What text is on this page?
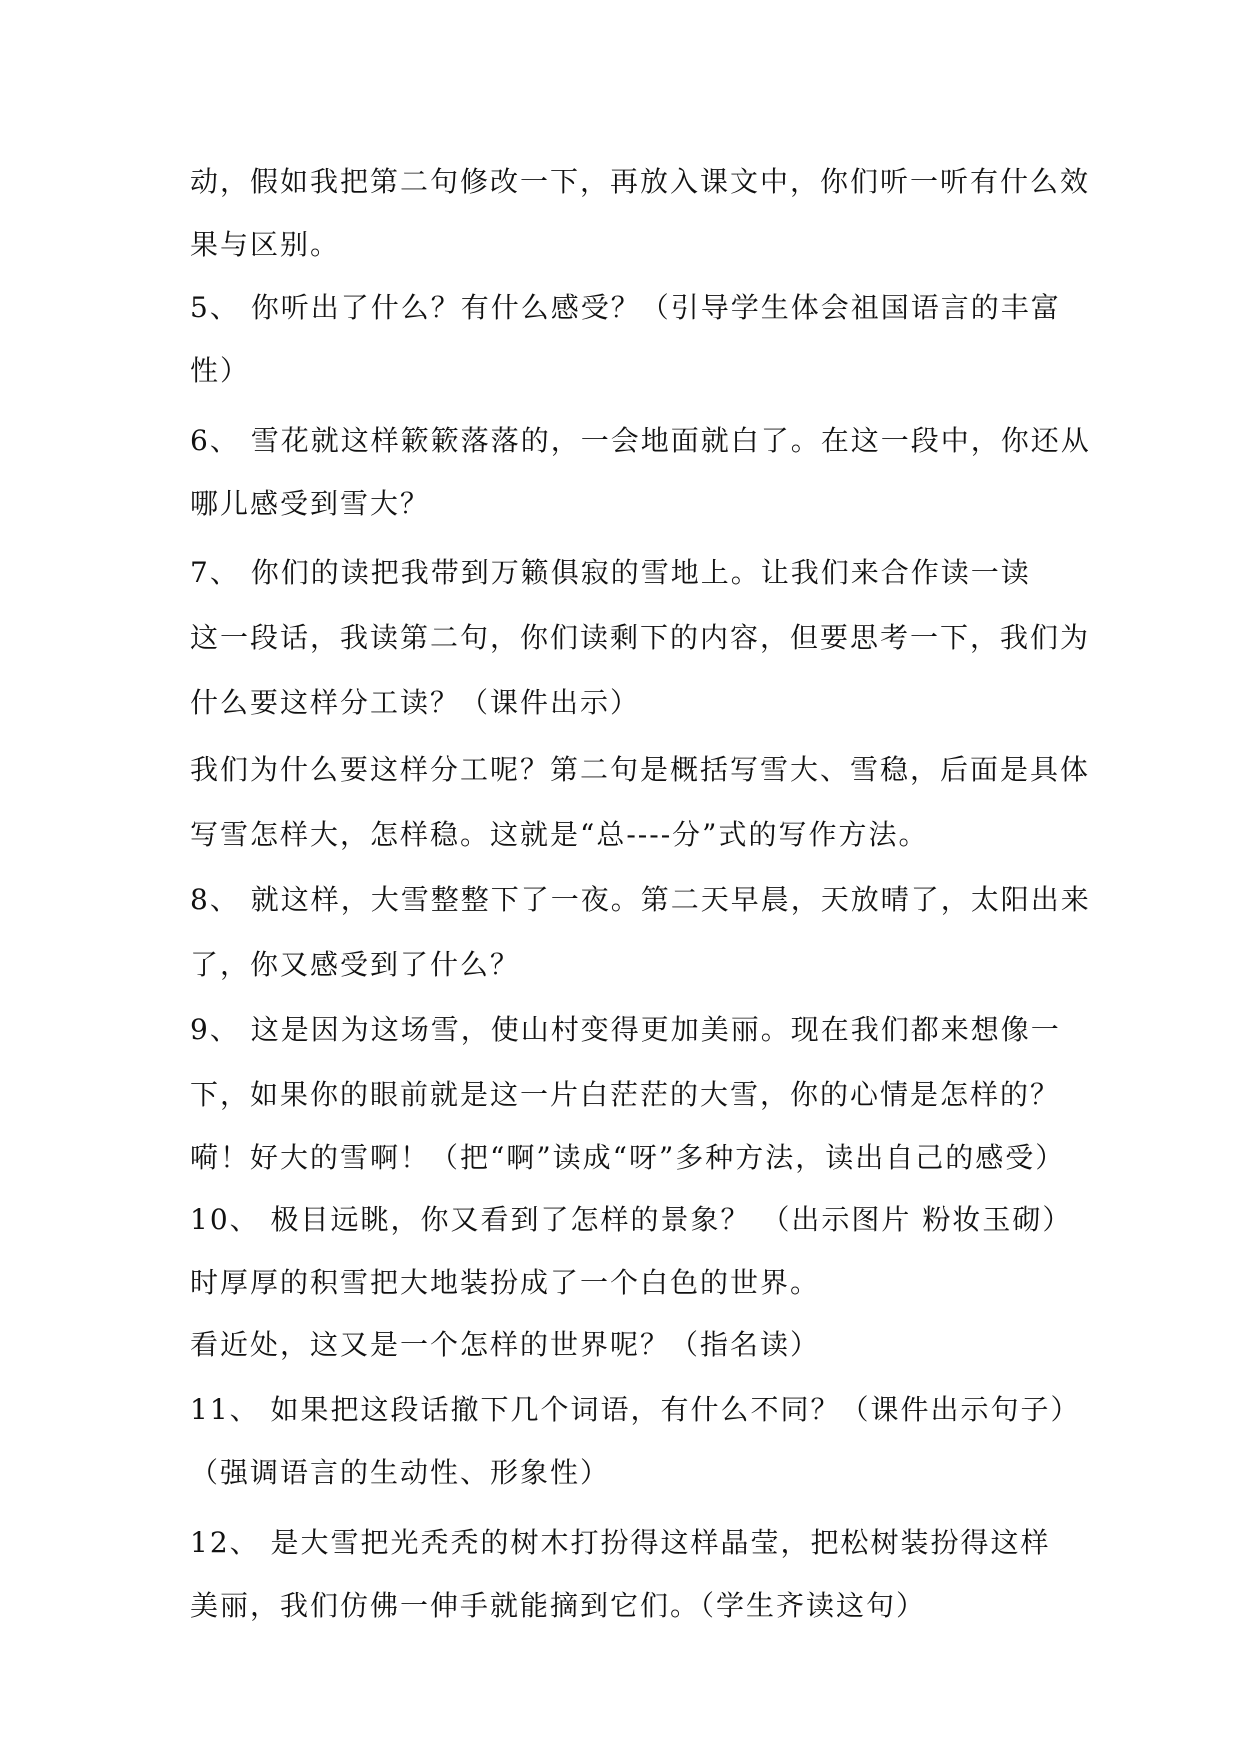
动，假如我把第二句修改一下，再放入课文中，你们听一听有什么效
果与区别。
5、 你听出了什么？有什么感受？（引导学生体会祖国语言的丰富
性）
6、 雪花就这样簌簌落落的，一会地面就白了。在这一段中，你还从
哪儿感受到雪大？
7、 你们的读把我带到万籁俱寂的雪地上。让我们来合作读一读
这一段话，我读第二句，你们读剩下的内容，但要思考一下，我们为
什么要这样分工读？（课件出示）
我们为什么要这样分工呢？第二句是概括写雪大、雪稳，后面是具体
写雪怎样大，怎样稳。这就是“总----分”式的写作方法。
8、 就这样，大雪整整下了一夜。第二天早晨，天放晴了，太阳出来
了，你又感受到了什么？
9、 这是因为这场雪，使山村变得更加美丽。现在我们都来想像一
下，如果你的眼前就是这一片白茫茫的大雪，你的心情是怎样的？
嗬！好大的雪啊！（把“啊”读成“呀”多种方法，读出自己的感受）
10、 极目远眺，你又看到了怎样的景象？ （出示图片 粉妆玉砌）
时厚厚的积雪把大地装扮成了一个白色的世界。
看近处，这又是一个怎样的世界呢？（指名读）
11、 如果把这段话撤下几个词语，有什么不同？（课件出示句子）
（强调语言的生动性、形象性）
12、 是大雪把光秃秃的树木打扮得这样晶莹，把松树装扮得这样
美丽，我们仿佛一伸手就能摘到它们。（学生齐读这句）
